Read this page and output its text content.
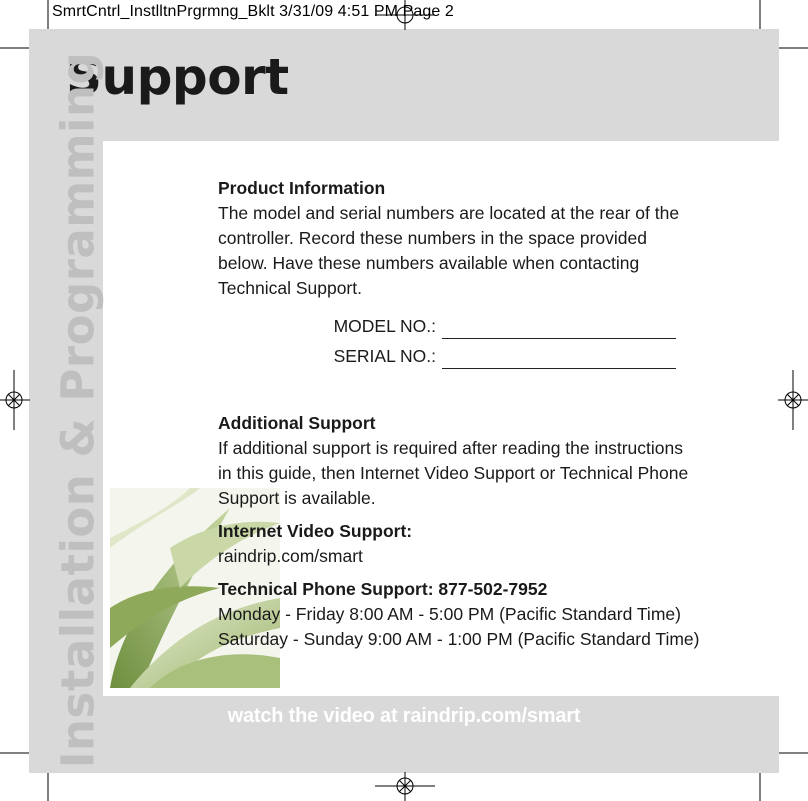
SmrtCntrl_InstlltnPrgrmng_Bklt 3/31/09 4:51 PM Page 2
Support
Installation & Programming	Product Information
The model and serial numbers are located at the rear of the
controller. Record these numbers in the space provided
below. Have these numbers available when contacting
Technical Support.
MODEL NO.:
SERIAL NO.:
Additional Support
If additional support is required after reading the instructions
in this guide, then Internet Video Support or Technical Phone
Support is available.
Internet Video Support:
raindrip.com/smart
Technical Phone Support: 877-502-7952
Monday - Friday 8:00 AM - 5:00 PM (Pacific Standard Time)
Saturday - Sunday 9:00 AM - 1:00 PM (Pacific Standard Time)
watch the video at raindrip.com/smart
